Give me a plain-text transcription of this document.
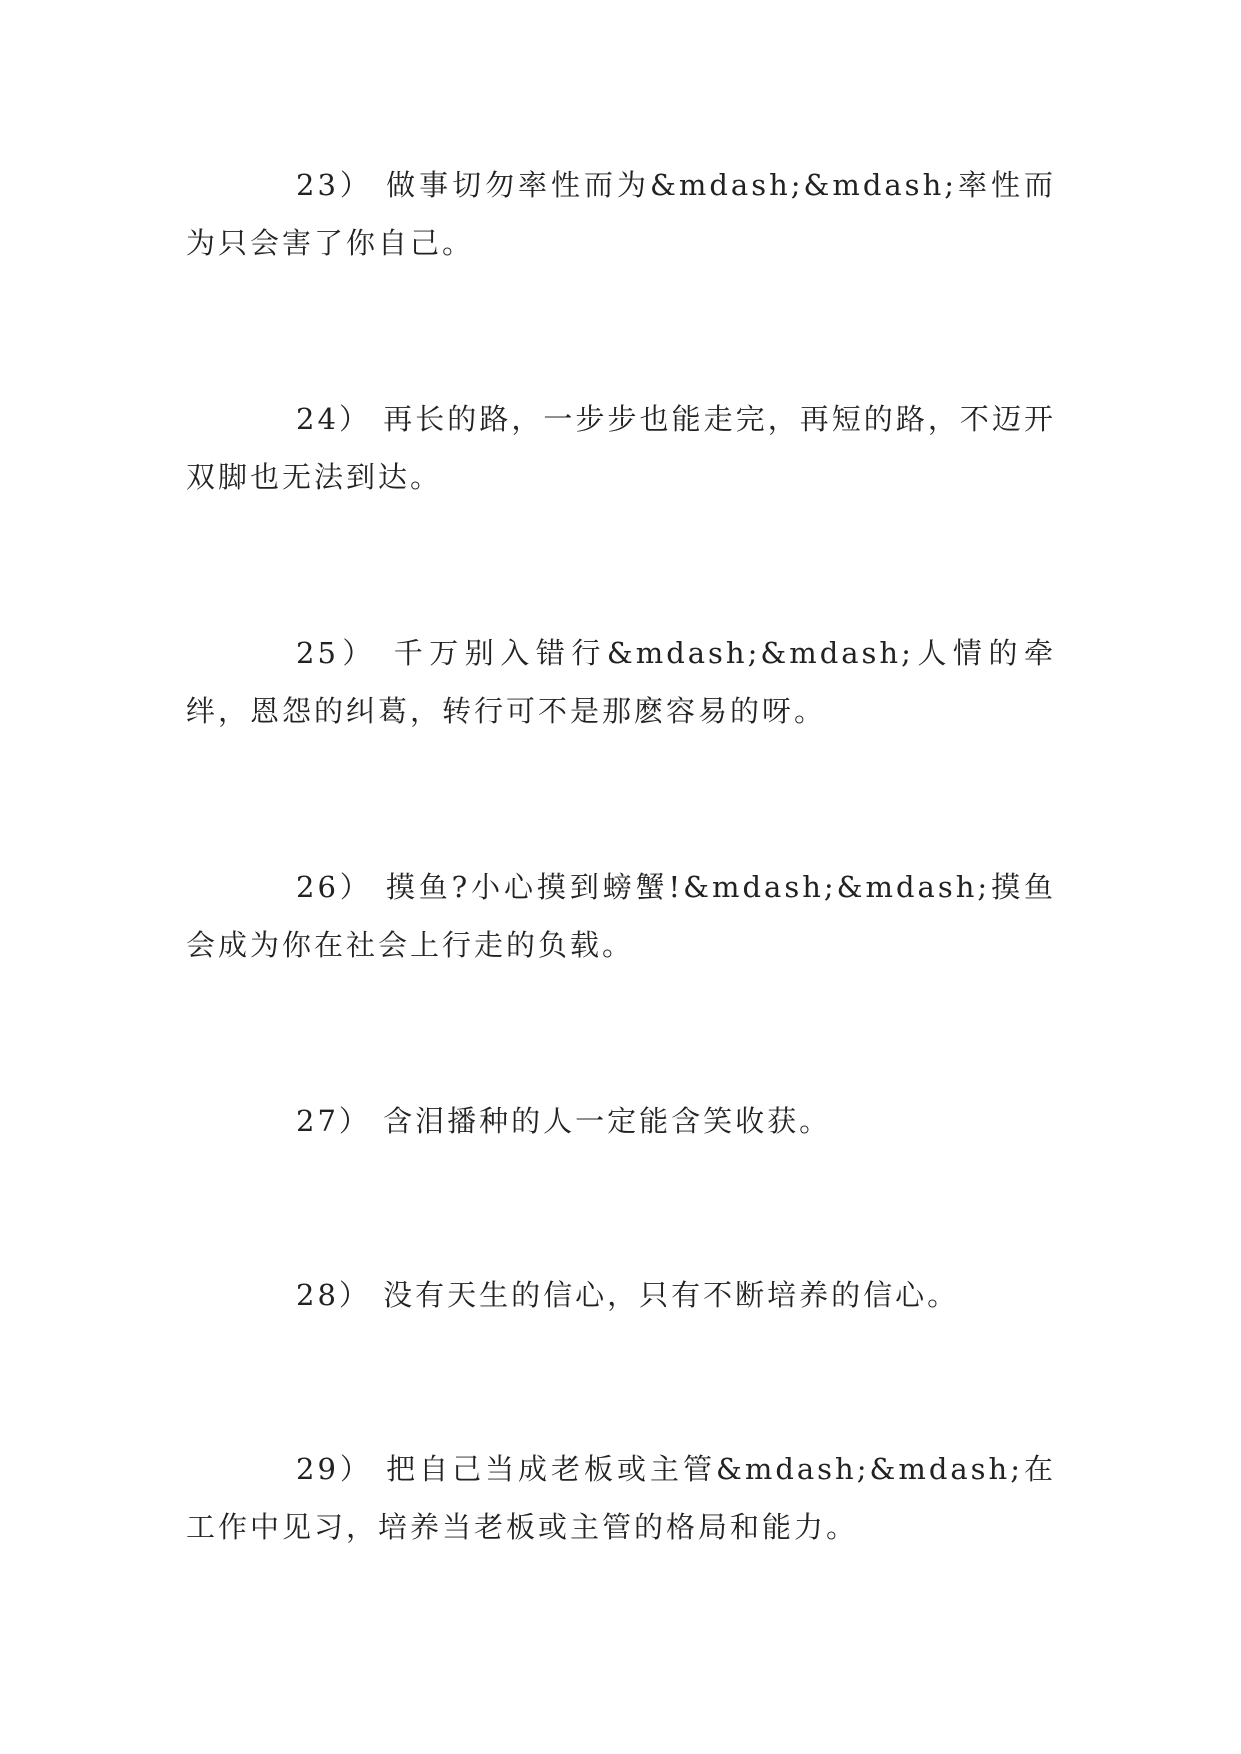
23） 做事切勿率性而为&mdash;&mdash;率性而为只会害了你自己。

24） 再长的路，一步步也能走完，再短的路，不迈开双脚也无法到达。

25） 千万别入错行&mdash;&mdash;人情的牵绊，恩怨的纠葛，转行可不是那麽容易的呀。

26） 摸鱼?小心摸到螃蟹!&mdash;&mdash;摸鱼会成为你在社会上行走的负载。

27） 含泪播种的人一定能含笑收获。

28） 没有天生的信心，只有不断培养的信心。

29） 把自己当成老板或主管&mdash;&mdash;在工作中见习，培养当老板或主管的格局和能力。
